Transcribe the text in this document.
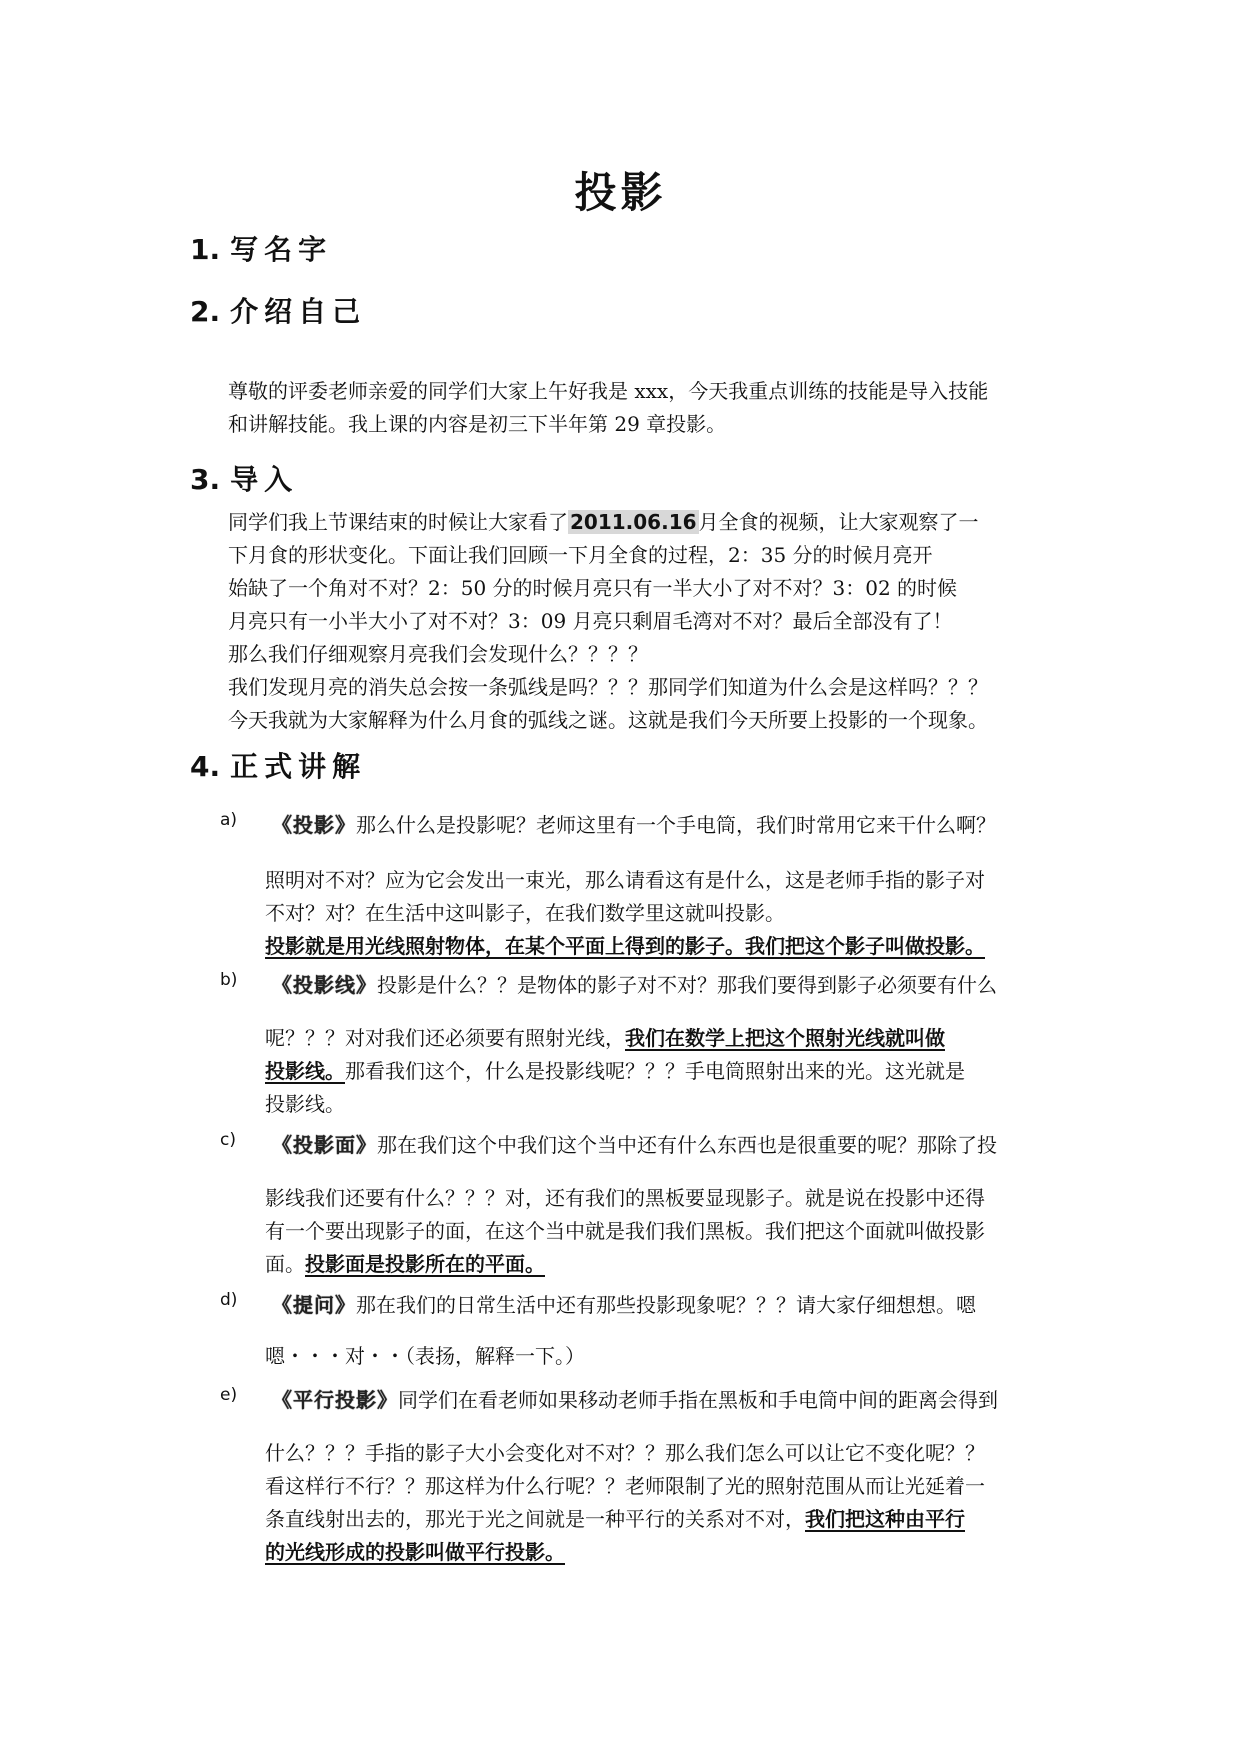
投影
1. 写名字
2. 介绍自己

尊敬的评委老师亲爱的同学们大家上午好我是 xxx，今天我重点训练的技能是导入技能

和讲解技能。我上课的内容是初三下半年第 29 章投影。

3. 导入

同学们我上节课结束的时候让大家看了 2011.06.16 月全食的视频，让大家观察了一

下月食的形状变化。下面让我们回顾一下月全食的过程，2：35 分的时候月亮开

始缺了一个角对不对？2：50 分的时候月亮只有一半大小了对不对？3：02 的时候

月亮只有一小半大小了对不对？3：09 月亮只剩眉毛湾对不对？最后全部没有了！

那么我们仔细观察月亮我们会发现什么？？？？

我们发现月亮的消失总会按一条弧线是吗？？？那同学们知道为什么会是这样吗？？？

今天我就为大家解释为什么月食的弧线之谜。这就是我们今天所要上投影的一个现象。

4. 正式讲解
a) 《投影》那么什么是投影呢？老师这里有一个手电筒，我们时常用它来干什么啊？

照明对不对？应为它会发出一束光，那么请看这有是什么，这是老师手指的影子对

不对？对？在生活中这叫影子，在我们数学里这就叫投影。

投影就是用光线照射物体，在某个平面上得到的影子。我们把这个影子叫做投影。

b) 《投影线》投影是什么？？是物体的影子对不对？那我们要得到影子必须要有什么

呢？？？对对我们还必须要有照射光线，我们在数学上把这个照射光线就叫做

投影线。那看我们这个，什么是投影线呢？？？手电筒照射出来的光。这光就是

投影线。

c) 《投影面》那在我们这个中我们这个当中还有什么东西也是很重要的呢？那除了投

影线我们还要有什么？？？对，还有我们的黑板要显现影子。就是说在投影中还得

有一个要出现影子的面，在这个当中就是我们我们黑板。我们把这个面就叫做投影

面。投影面是投影所在的平面。

d) 《提问》那在我们的日常生活中还有那些投影现象呢？？？请大家仔细想想。嗯

嗯・・・对・・（表扬，解释一下。）

e) 《平行投影》同学们在看老师如果移动老师手指在黑板和手电筒中间的距离会得到

什么？？？手指的影子大小会变化对不对？？那么我们怎么可以让它不变化呢？？

看这样行不行？？那这样为什么行呢？？老师限制了光的照射范围从而让光延着一

条直线射出去的，那光于光之间就是一种平行的关系对不对，我们把这种由平行

的光线形成的投影叫做平行投影。
